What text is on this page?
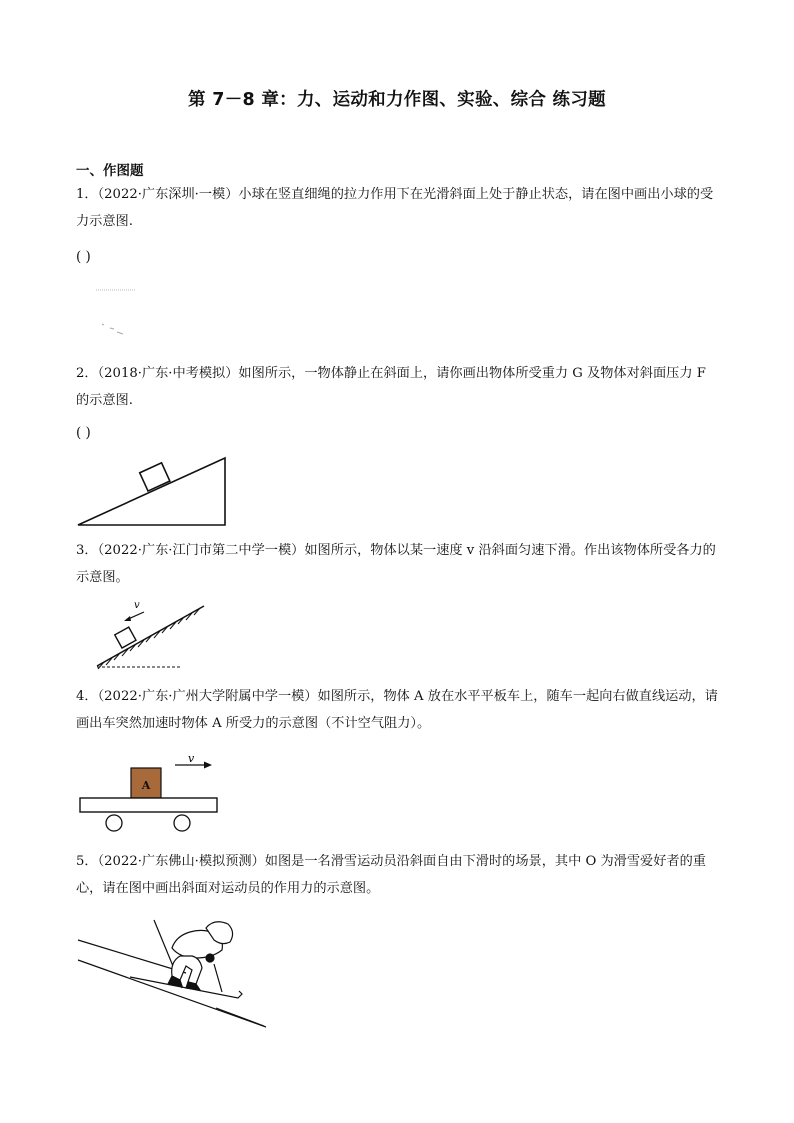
第 7－8 章：力、运动和力作图、实验、综合 练习题
一、作图题

1．（2022·广东深圳·一模）小球在竖直细绳的拉力作用下在光滑斜面上处于静止状态，请在图中画出小球的受力示意图.

( )

2．（2018·广东·中考模拟）如图所示，一物体静止在斜面上，请你画出物体所受重力 G 及物体对斜面压力 F 的示意图.

( )

3．（2022·广东·江门市第二中学一模）如图所示，物体以某一速度 v 沿斜面匀速下滑。作出该物体所受各力的示意图。

v

4．（2022·广东·广州大学附属中学一模）如图所示，物体 A 放在水平平板车上，随车一起向右做直线运动，请画出车突然加速时物体 A 所受力的示意图（不计空气阻力）。

v
A

5．（2022·广东佛山·模拟预测）如图是一名滑雪运动员沿斜面自由下滑时的场景，其中 O 为滑雪爱好者的重心，请在图中画出斜面对运动员的作用力的示意图。
